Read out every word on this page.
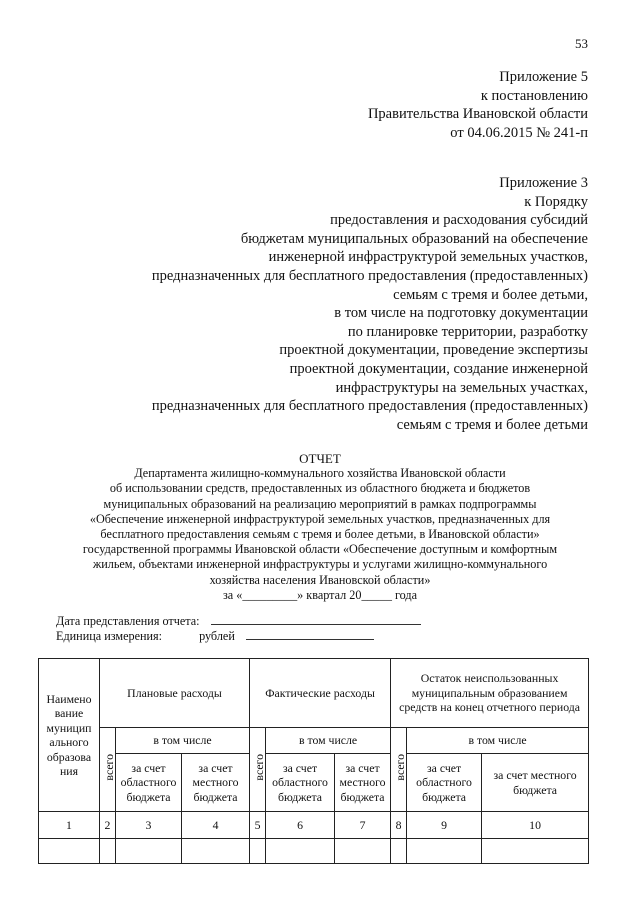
53
Приложение 5
к постановлению
Правительства Ивановской области
от 04.06.2015 № 241-п
Приложение 3
к Порядку
предоставления и расходования субсидий
бюджетам муниципальных образований на обеспечение
инженерной инфраструктурой земельных участков,
предназначенных для бесплатного предоставления (предоставленных)
семьям с тремя и более детьми,
в том числе на подготовку документации
по планировке территории, разработку
проектной документации, проведение экспертизы
проектной документации, создание инженерной
инфраструктуры на земельных участках,
предназначенных для бесплатного предоставления (предоставленных)
семьям с тремя и более детьми
ОТЧЕТ
Департамента жилищно-коммунального хозяйства Ивановской области
об использовании средств, предоставленных из областного бюджета и бюджетов
муниципальных образований на реализацию мероприятий в рамках подпрограммы
«Обеспечение инженерной инфраструктурой земельных участков, предназначенных для
бесплатного предоставления семьям с тремя и более детьми, в Ивановской области»
государственной программы Ивановской области «Обеспечение доступным и комфортным
жильем, объектами инженерной инфраструктуры и услугами жилищно-коммунального
хозяйства населения Ивановской области»
за «_________» квартал 20_____ года
Дата представления отчета:
Единица измерения:	рублей
Наимено вание муницип ального образова ния	Плановые расходы			Фактические расходы			Остаток неиспользованных муниципальным образованием средств на конец отчетного периода		
	всего	в том числе		всего	в том числе		всего	в том числе	
		за счет областного бюджета	за счет местного бюджета		за счет областного бюджета	за счет местного бюджета		за счет областного бюджета	за счет местного бюджета
1	2	3	4	5	6	7	8	9	10
